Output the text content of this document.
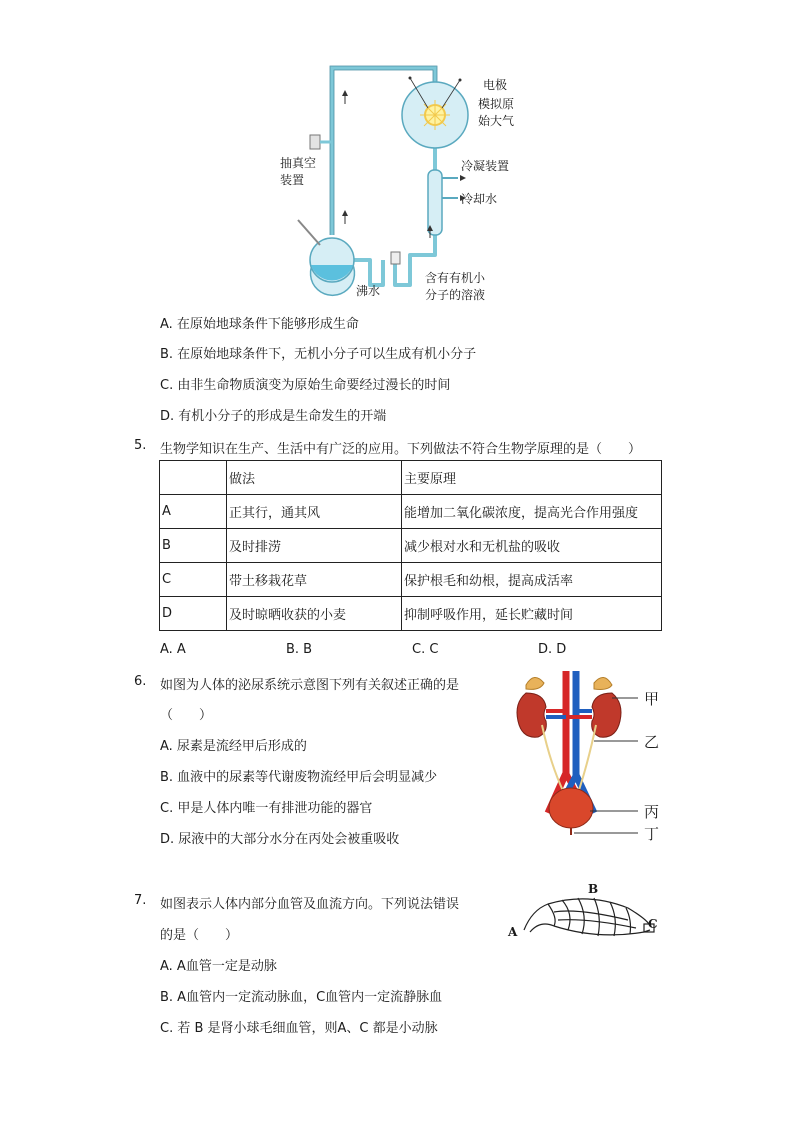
电极
模拟原始大气
抽真空装置
冷凝装置
冷却水
沸水
含有有机小分子的溶液
A. 在原始地球条件下能够形成生命
B. 在原始地球条件下，无机小分子可以生成有机小分子
C. 由非生命物质演变为原始生命要经过漫长的时间
D. 有机小分子的形成是生命发生的开端
5. 生物学知识在生产、生活中有广泛的应用。下列做法不符合生物学原理的是（　　）
	做法	主要原理
A	正其行，通其风	能增加二氧化碳浓度，提高光合作用强度
B	及时排涝	减少根对水和无机盐的吸收
C	带土移栽花草	保护根毛和幼根，提高成活率
D	及时晾晒收获的小麦	抑制呼吸作用，延长贮藏时间
A. A	B. B	C. C	D. D
6. 如图为人体的泌尿系统示意图下列有关叙述正确的是
（　　）
A. 尿素是流经甲后形成的
B. 血液中的尿素等代谢废物流经甲后会明显减少
C. 甲是人体内唯一有排泄功能的器官
D. 尿液中的大部分水分在丙处会被重吸收
甲
乙
丙
丁
7. 如图表示人体内部分血管及血流方向。下列说法错误
的是（　　）
A. A血管一定是动脉
B. A血管内一定流动脉血，C血管内一定流静脉血
C. 若 B 是肾小球毛细血管，则A、C 都是小动脉
A
B
C
